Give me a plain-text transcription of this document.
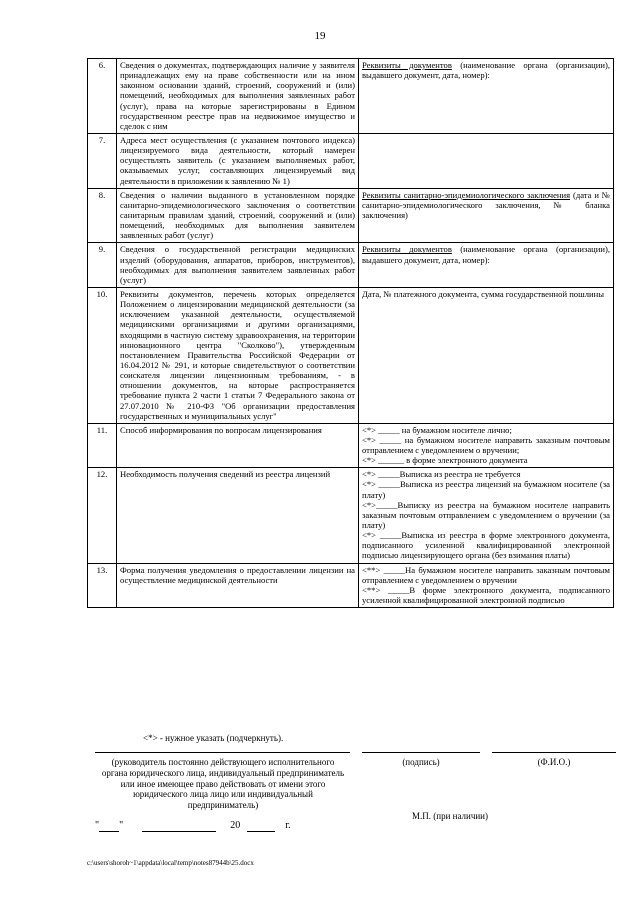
19
6.	Сведения о документах, подтверждающих наличие у заявителя принадлежащих ему на праве собственности или на ином законном основании зданий, строений, сооружений и (или) помещений, необходимых для выполнения заявленных работ (услуг), права на которые зарегистрированы в Едином государственном реестре прав на недвижимое имущество и сделок с ним	Реквизиты документов (наименование органа (организации), выдавшего документ, дата, номер):
7.	Адреса мест осуществления (с указанием почтового индекса) лицензируемого вида деятельности, который намерен осуществлять заявитель (с указанием выполняемых работ, оказываемых услуг, составляющих лицензируемый вид деятельности в приложении к заявлению № 1)	
8.	Сведения о наличии выданного в установленном порядке санитарно-эпидемиологического заключения о соответствии санитарным правилам зданий, строений, сооружений и (или) помещений, необходимых для выполнения заявителем заявленных работ (услуг)	Реквизиты санитарно-эпидемиологического заключения (дата и № санитарно-эпидемиологического заключения, № бланка заключения)
9.	Сведения о государственной регистрации медицинских изделий (оборудования, аппаратов, приборов, инструментов), необходимых для выполнения заявителем заявленных работ (услуг)	Реквизиты документов (наименование органа (организации), выдавшего документ, дата, номер):
10.	Реквизиты документов, перечень которых определяется Положением о лицензировании медицинской деятельности (за исключением указанной деятельности, осуществляемой медицинскими организациями и другими организациями, входящими в частную систему здравоохранения, на территории инновационного центра "Сколково"), утвержденным постановлением Правительства Российской Федерации от 16.04.2012 № 291, и которые свидетельствуют о соответствии соискателя лицензии лицензионным требованиям, - в отношении документов, на которые распространяется требование пункта 2 части 1 статьи 7 Федерального закона от 27.07.2010 № 210-ФЗ "Об организации предоставления государственных и муниципальных услуг"	Дата, № платежного документа, сумма государственной пошлины
11.	Способ информирования по вопросам лицензирования	<*> _____ на бумажном носителе лично;
<*> _____ на бумажном носителе направить заказным почтовым отправлением с уведомлением о вручении;
<*> ______ в форме электронного документа

12.	Необходимость получения сведений из реестра лицензий	<*> _____Выписка из реестра не требуется
<*> _____Выписка из реестра лицензий на бумажном носителе (за плату)
<*>_____Выписку из реестра на бумажном носителе направить заказным почтовым отправлением с уведомлением о вручении (за плату)
<*> _____Выписка из реестра в форме электронного документа, подписанного усиленной квалифицированной электронной подписью лицензирующего органа (без взимания платы)

13.	Форма получения уведомления о предоставлении лицензии на осуществление медицинской деятельности	<**> _____На бумажном носителе направить заказным почтовым отправлением с уведомлением о вручении
<**> _____В форме электронного документа, подписанного усиленной квалифицированной электронной подписью
<*> - нужное указать (подчеркнуть).
(руководитель постоянно действующего исполнительного органа юридического лица, индивидуальный предприниматель или иное имеющее право действовать от имени этого юридического лица лицо или индивидуальный предприниматель)
(подпись)	(Ф.И.О.)
М.П. (при наличии)
" "	20	г.
c:\users\shoroh~1\appdata\local\temp\notes87944b\25.docx
